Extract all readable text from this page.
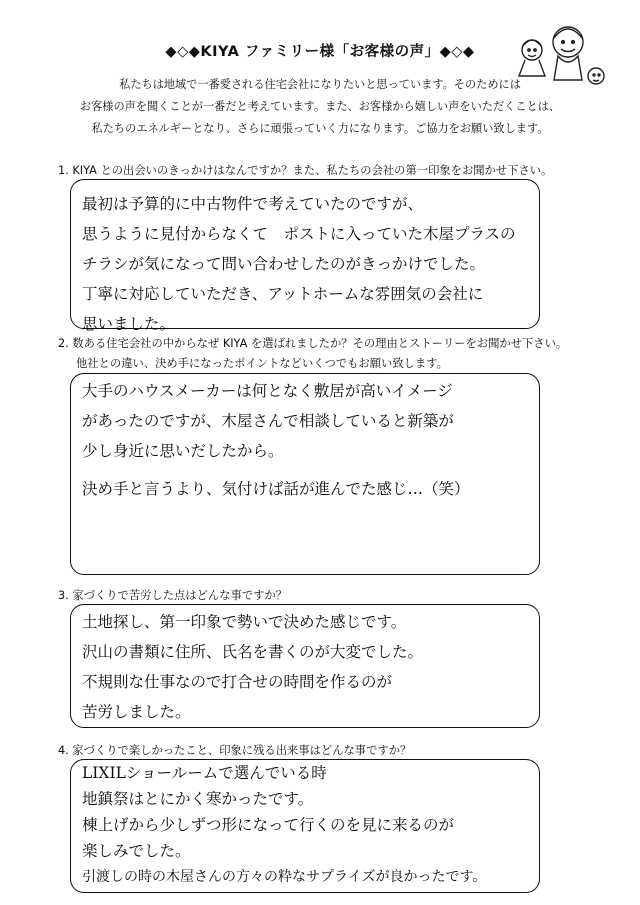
◆◇◆KIYA ファミリー様「お客様の声」◆◇◆
私たちは地域で一番愛される住宅会社になりたいと思っています。そのためには
お客様の声を聞くことが一番だと考えています。また、お客様から嬉しい声をいただくことは、
私たちのエネルギーとなり、さらに頑張っていく力になります。ご協力をお願い致します。
1. KIYA との出会いのきっかけはなんですか？また、私たちの会社の第一印象をお聞かせ下さい。
最初は予算的に中古物件で考えていたのですが、
思うように見付からなくて　ポストに入っていた木屋プラスの
チラシが気になって問い合わせしたのがきっかけでした。
丁寧に対応していただき、アットホームな雰囲気の会社に
思いました。
2. 数ある住宅会社の中からなぜ KIYA を選ばれましたか？その理由とストーリーをお聞かせ下さい。
他社との違い、決め手になったポイントなどいくつでもお願い致します。
大手のハウスメーカーは何となく敷居が高いイメージ
があったのですが、木屋さんで相談していると新築が
少し身近に思いだしたから。
決め手と言うより、気付けば話が進んでた感じ…（笑）
3. 家づくりで苦労した点はどんな事ですか？
土地探し、第一印象で勢いで決めた感じです。
沢山の書類に住所、氏名を書くのが大変でした。
不規則な仕事なので打合せの時間を作るのが
苦労しました。
4. 家づくりで楽しかったこと、印象に残る出来事はどんな事ですか？
LIXILショールームで選んでいる時
地鎮祭はとにかく寒かったです。
棟上げから少しずつ形になって行くのを見に来るのが
楽しみでした。
引渡しの時の木屋さんの方々の粋なサプライズが良かったです。
